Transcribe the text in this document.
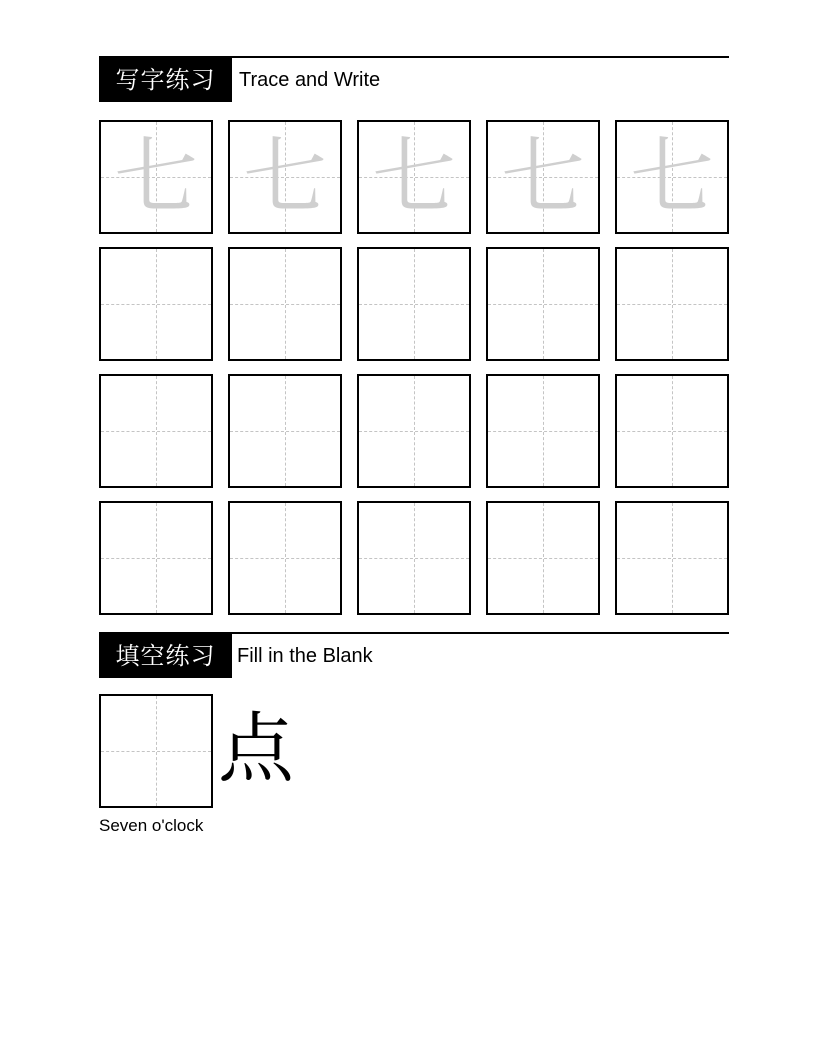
写字练习	Trace and Write
七 七 七 七 七
填空练习	Fill in the Blank
点
Seven o'clock
